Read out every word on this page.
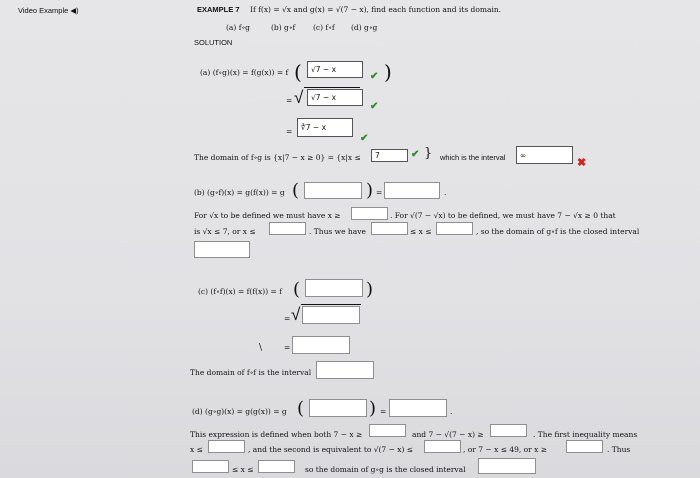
Video Example ◀)	EXAMPLE 7 If f(x) = √x and g(x) = √(7 − x), find each function and its domain.
(a) f∘g	(b) g∘f (c) f∘f (d) g∘g
SOLUTION
(a) (f∘g)(x) = f(g(x)) = f ( √7 − x
✔ )
= √ √7 − x
✔
= ∜7 − x
✔
The domain of f∘g is {x|7 − x ≥ 0} = {x|x ≤ 7	✔ } which is the interval ∞
✖
(b) (g∘f)(x) = g(f(x)) = g (	) =	.
For √x to be defined we must have x ≥	. For √(7 − √x) to be defined, we must have 7 − √x ≥ 0 that
is √x ≤ 7, or x ≤	. Thus we have	≤ x ≤	, so the domain of g∘f is the closed interval
(c) (f∘f)(x) = f(f(x)) = f (	)
= √
\	=
The domain of f∘f is the interval
(d) (g∘g)(x) = g(g(x)) = g (	) =	.
This expression is defined when both 7 − x ≥	and 7 − √(7 − x) ≥	. The first inequality means
x ≤	, and the second is equivalent to √(7 − x) ≤	, or 7 − x ≤ 49, or x ≥	. Thus
≤ x ≤	so the domain of g∘g is the closed interval
